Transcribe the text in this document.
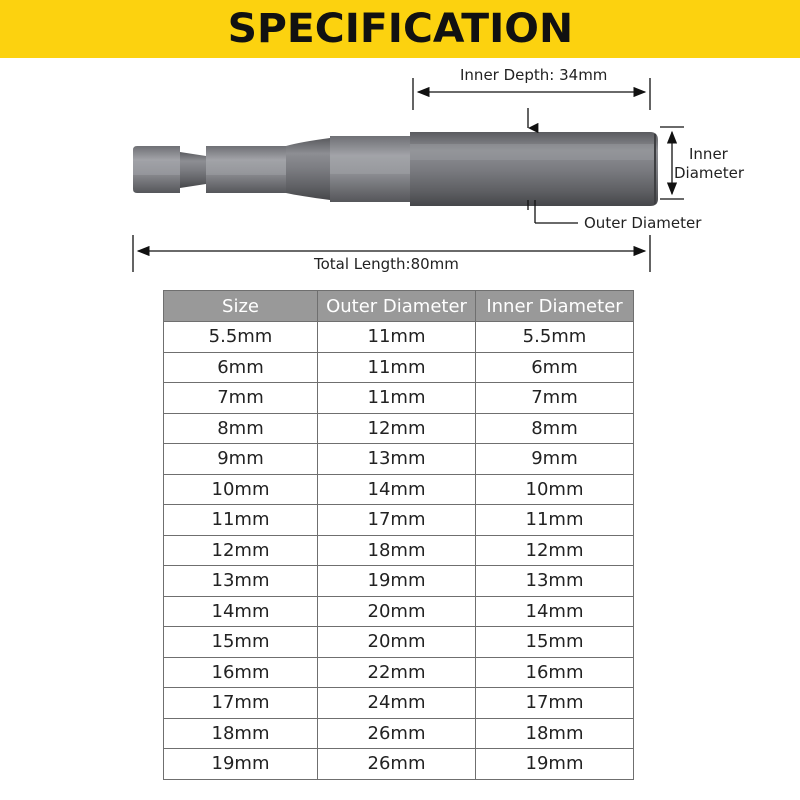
SPECIFICATION
Inner Depth: 34mm
Inner
Diameter
Outer Diameter
Total Length:80mm
Size	Outer Diameter	Inner Diameter
5.5mm	11mm	5.5mm
6mm	11mm	6mm
7mm	11mm	7mm
8mm	12mm	8mm
9mm	13mm	9mm
10mm	14mm	10mm
11mm	17mm	11mm
12mm	18mm	12mm
13mm	19mm	13mm
14mm	20mm	14mm
15mm	20mm	15mm
16mm	22mm	16mm
17mm	24mm	17mm
18mm	26mm	18mm
19mm	26mm	19mm
